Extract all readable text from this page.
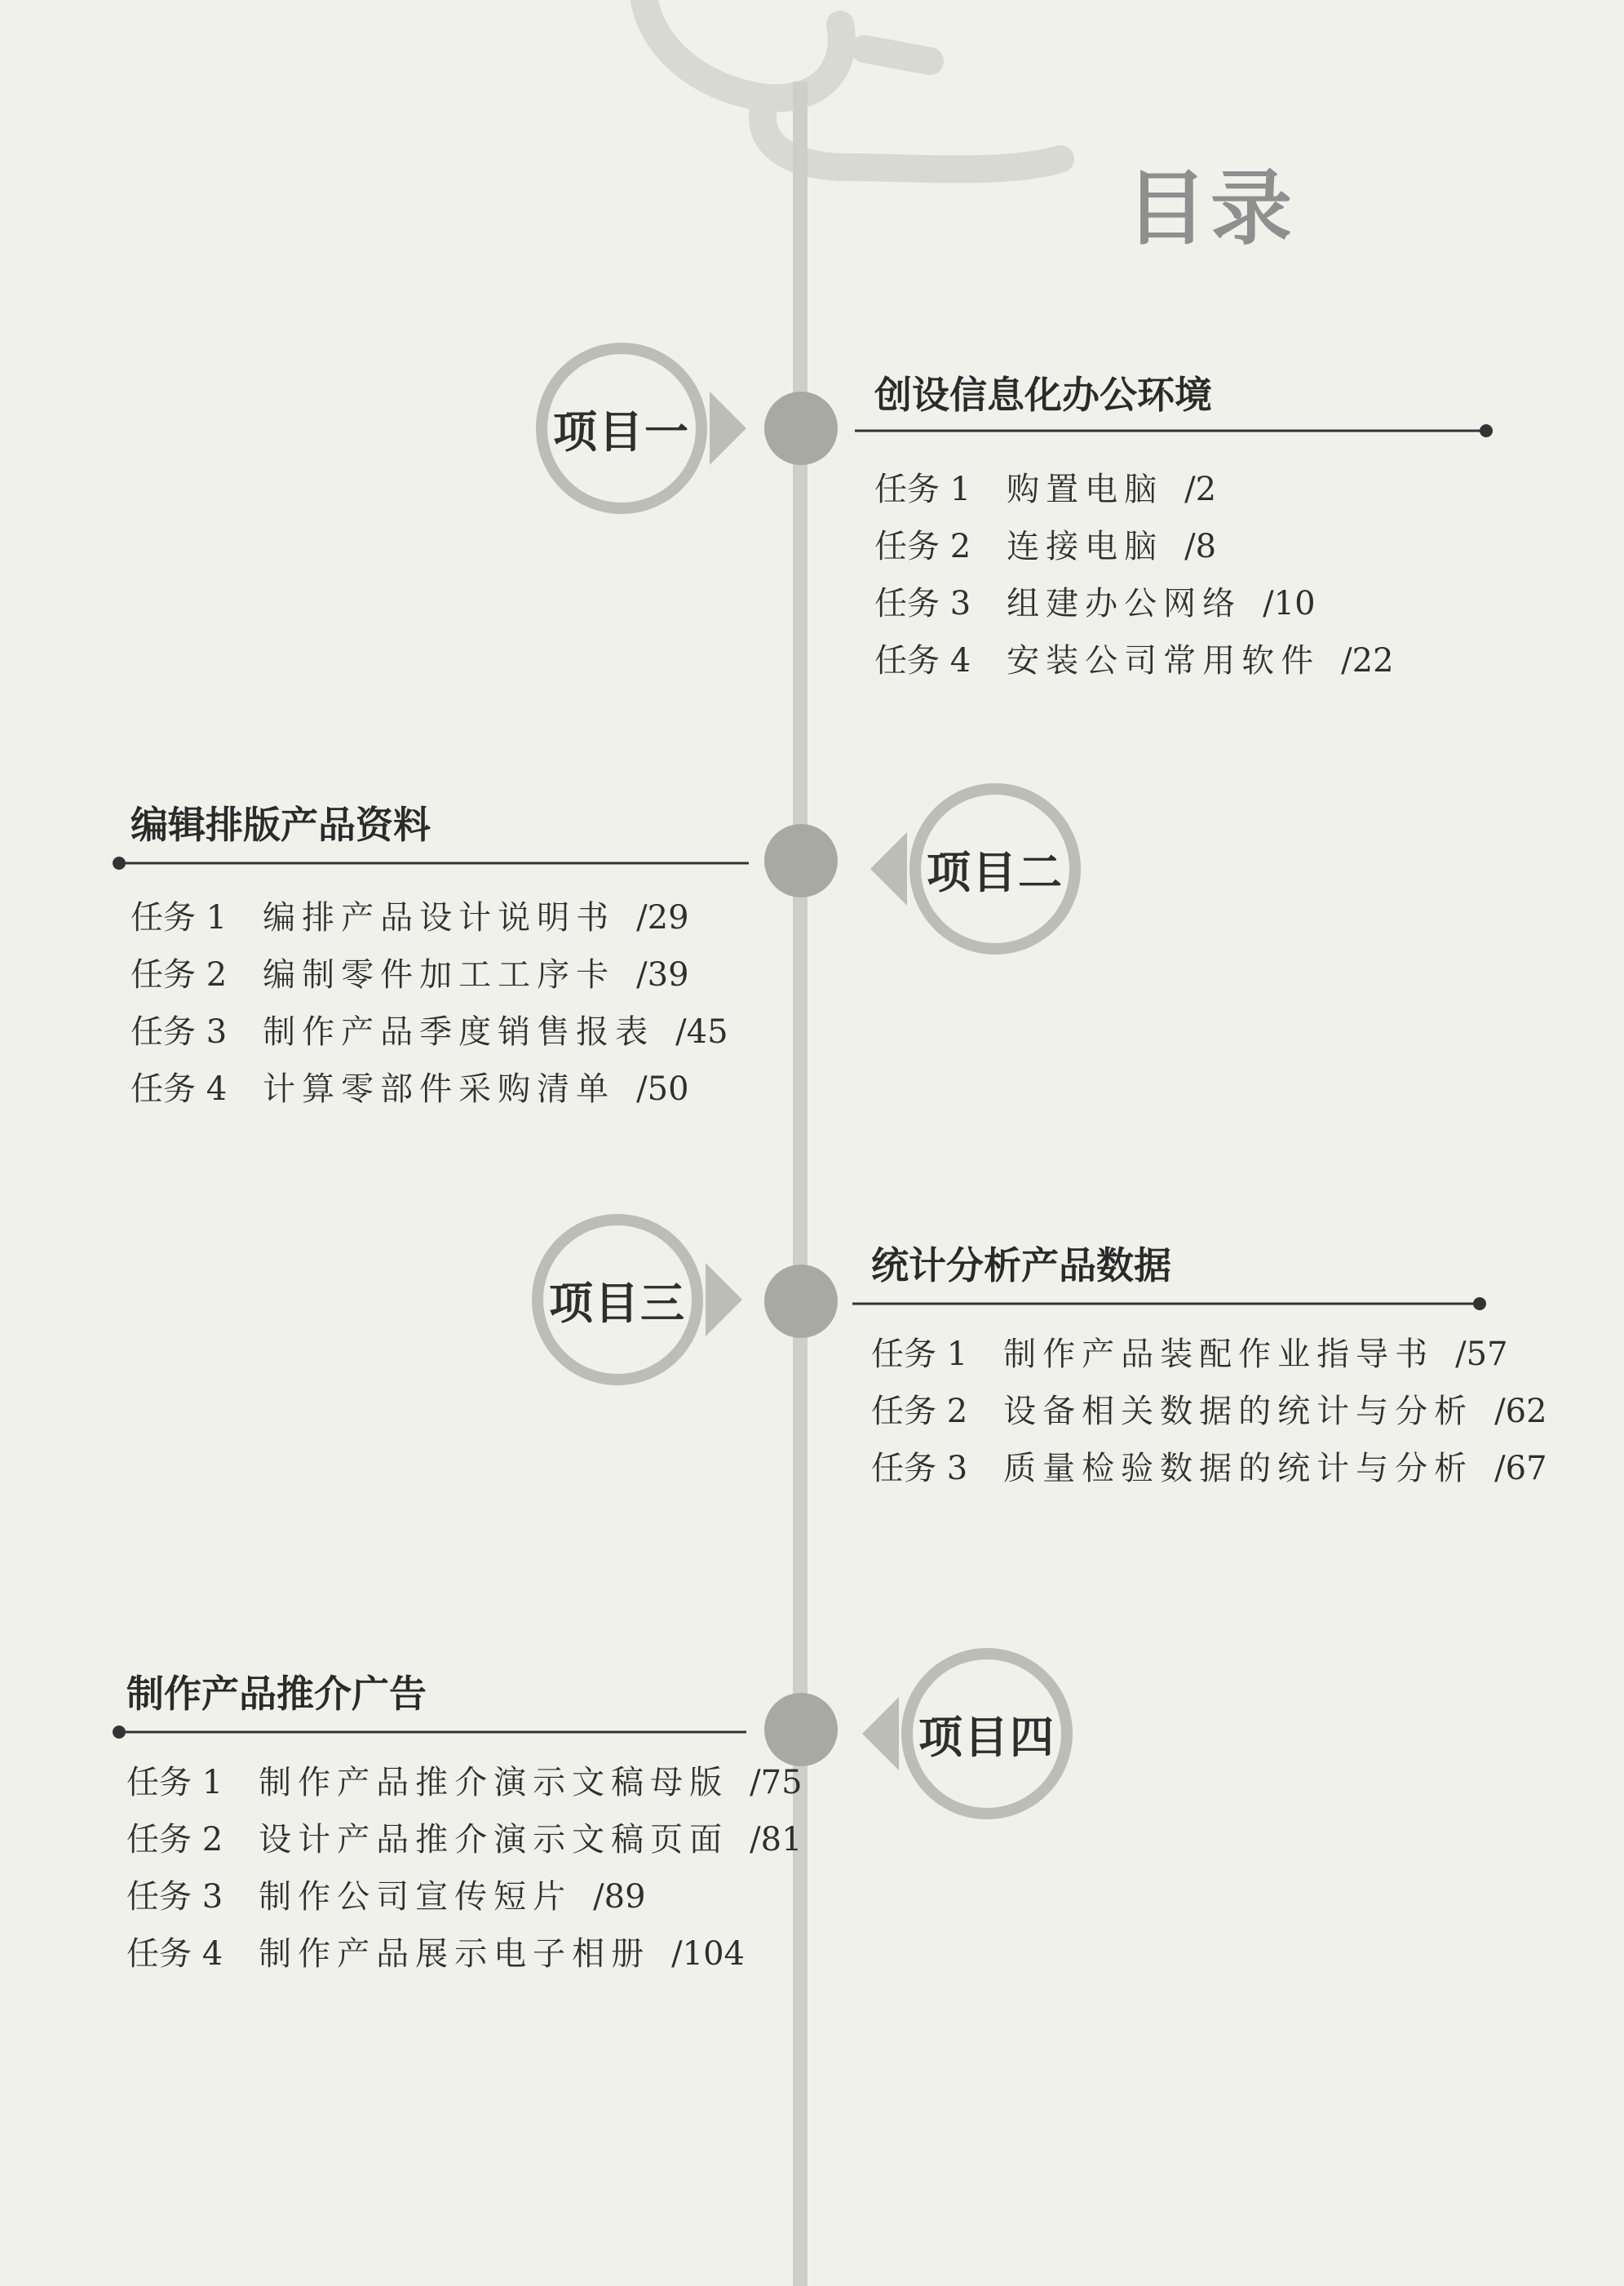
目录
项目一
创设信息化办公环境
任务 1 购置电脑 /2
任务 2 连接电脑 /8
任务 3 组建办公网络 /10
任务 4 安装公司常用软件 /22
项目二
编辑排版产品资料
任务 1 编排产品设计说明书 /29
任务 2 编制零件加工工序卡 /39
任务 3 制作产品季度销售报表 /45
任务 4 计算零部件采购清单 /50
项目三
统计分析产品数据
任务 1 制作产品装配作业指导书 /57
任务 2 设备相关数据的统计与分析 /62
任务 3 质量检验数据的统计与分析 /67
项目四
制作产品推介广告
任务 1 制作产品推介演示文稿母版 /75
任务 2 设计产品推介演示文稿页面 /81
任务 3 制作公司宣传短片 /89
任务 4 制作产品展示电子相册 /104
